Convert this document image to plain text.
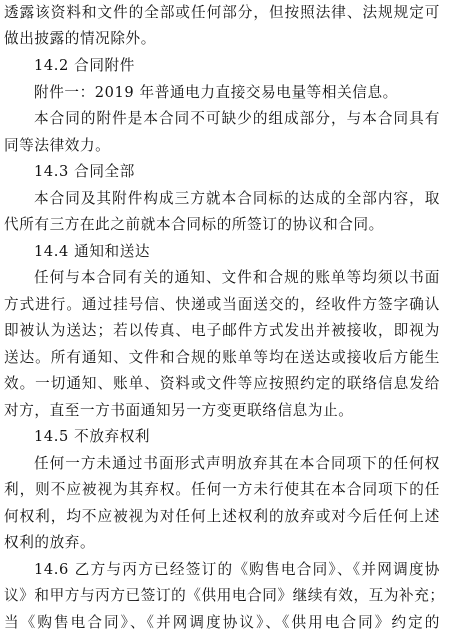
透露该资料和文件的全部或任何部分，但按照法律、法规规定可
做出披露的情况除外。
14.2 合同附件
附件一：2019 年普通电力直接交易电量等相关信息。
本合同的附件是本合同不可缺少的组成部分，与本合同具有
同等法律效力。
14.3 合同全部
本合同及其附件构成三方就本合同标的达成的全部内容，取
代所有三方在此之前就本合同标的所签订的协议和合同。
14.4 通知和送达
任何与本合同有关的通知、文件和合规的账单等均须以书面
方式进行。通过挂号信、快递或当面送交的，经收件方签字确认
即被认为送达；若以传真、电子邮件方式发出并被接收，即视为
送达。所有通知、文件和合规的账单等均在送达或接收后方能生
效。一切通知、账单、资料或文件等应按照约定的联络信息发给
对方，直至一方书面通知另一方变更联络信息为止。
14.5 不放弃权利
任何一方未通过书面形式声明放弃其在本合同项下的任何权
利，则不应被视为其弃权。任何一方未行使其在本合同项下的任
何权利，均不应被视为对任何上述权利的放弃或对今后任何上述
权利的放弃。
14.6 乙方与丙方已经签订的《购售电合同》、《并网调度协
议》和甲方与丙方已签订的《供用电合同》继续有效，互为补充；
当《购售电合同》、《并网调度协议》、《供用电合同》约定的
